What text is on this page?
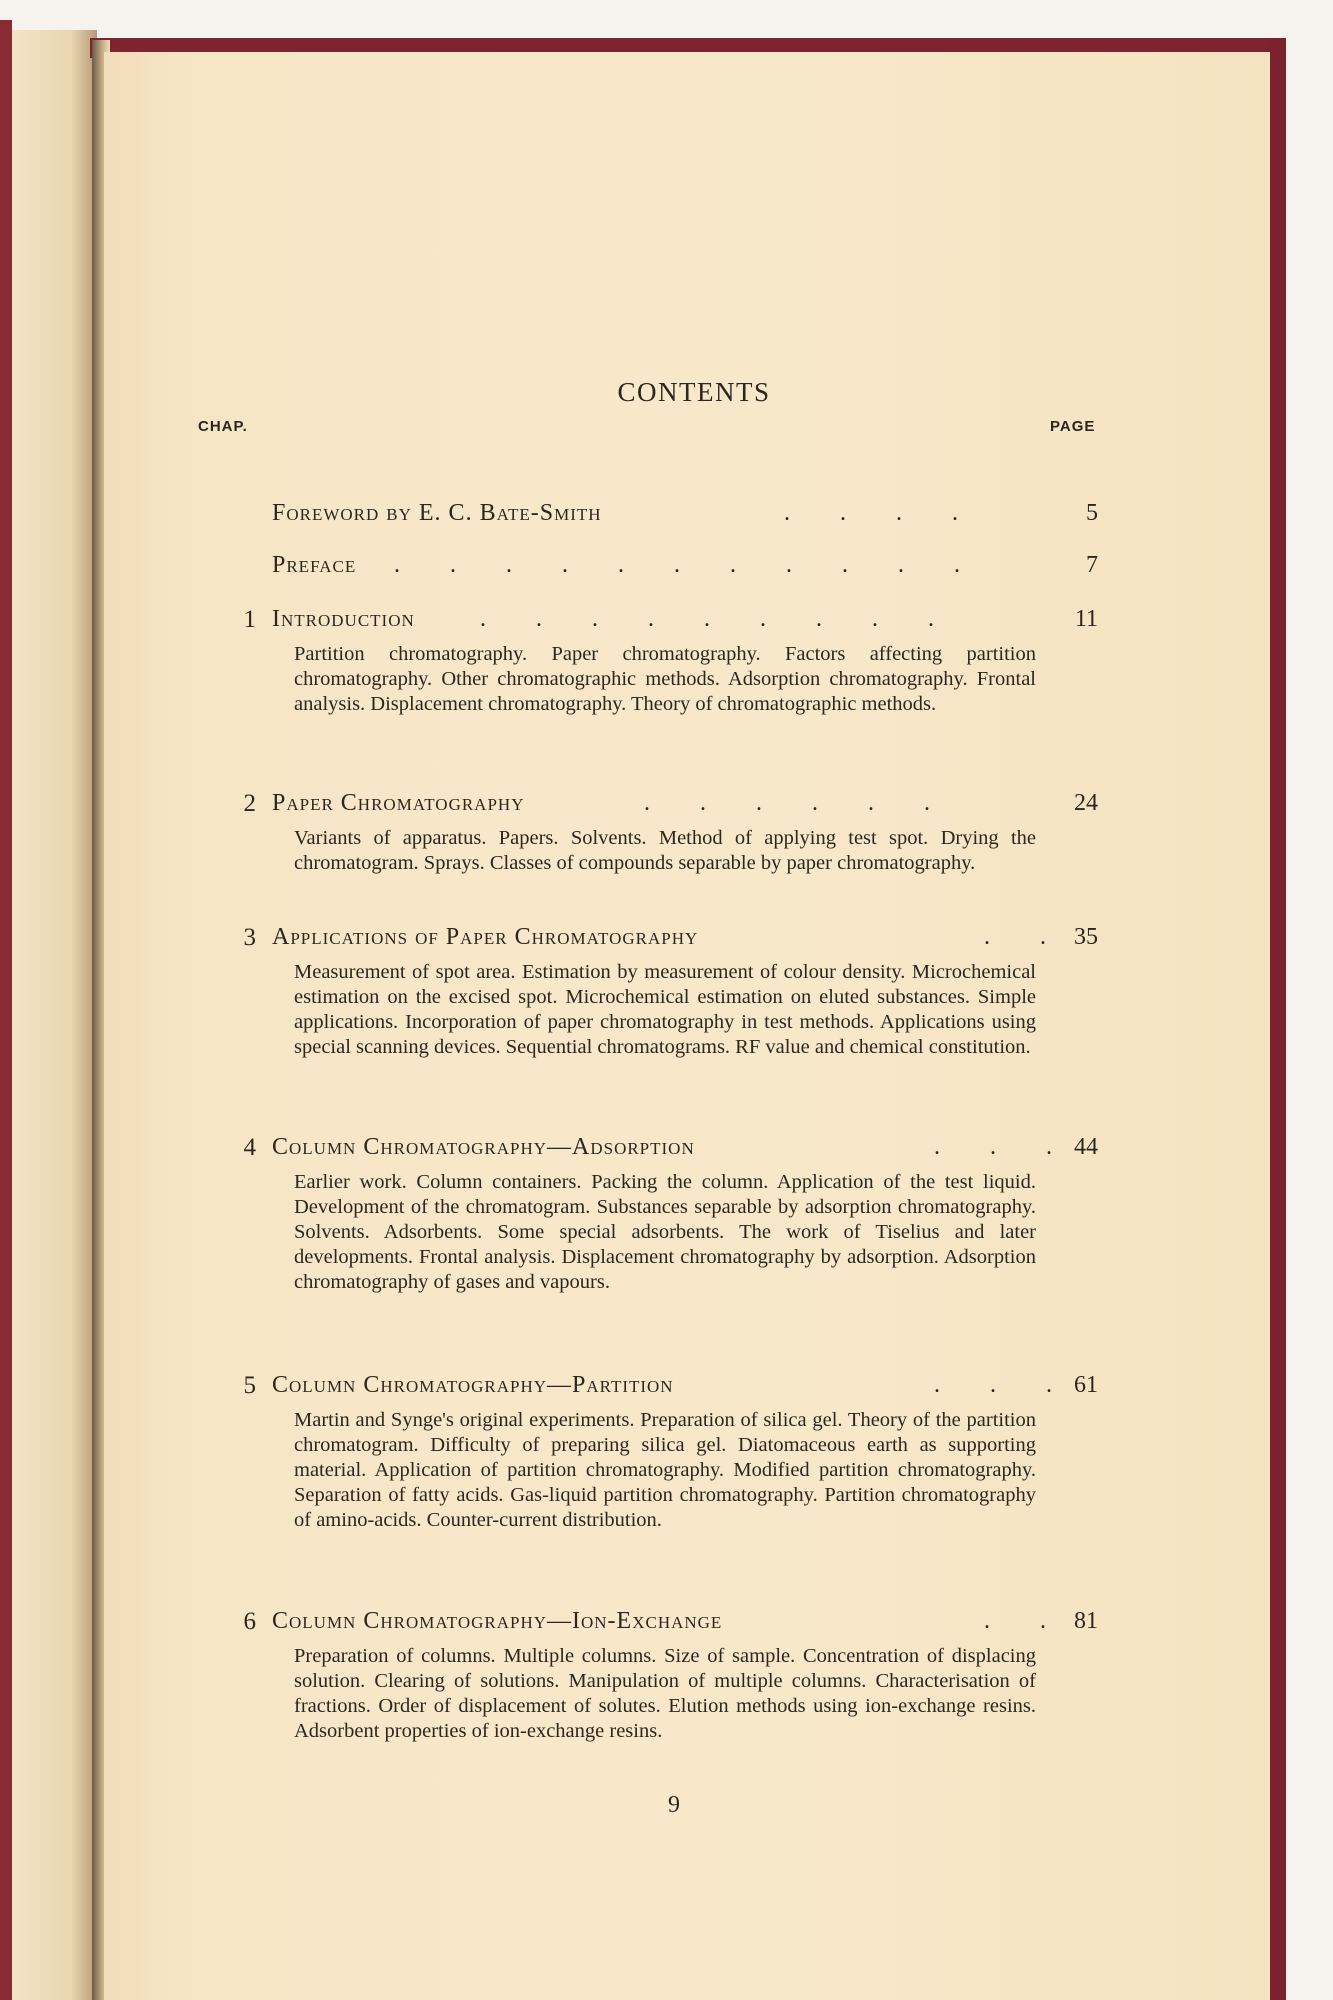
CONTENTS
CHAP.	PAGE
Foreword by E. C. Bate-Smith	. . . .	5
Preface . . . . . . . . . . .	7
1 Introduction	. . . . . . . . .	11
Partition chromatography. Paper chromatography. Factors affecting partition chromatography. Other chromatographic methods. Adsorption chromatography. Frontal analysis. Displacement chromatography. Theory of chromatographic methods.
2 Paper Chromatography	. . . . . .	24
Variants of apparatus. Papers. Solvents. Method of applying test spot. Drying the chromatogram. Sprays. Classes of compounds separable by paper chromatography.
3 Applications of Paper Chromatography	. . 35
Measurement of spot area. Estimation by measurement of colour density. Microchemical estimation on the excised spot. Microchemical estimation on eluted substances. Simple applications. Incorporation of paper chromatography in test methods. Applications using special scanning devices. Sequential chromatograms. RF value and chemical constitution.
4 Column Chromatography—Adsorption	. . . 44
Earlier work. Column containers. Packing the column. Application of the test liquid. Development of the chromatogram. Substances separable by adsorption chromatography. Solvents. Adsorbents. Some special adsorbents. The work of Tiselius and later developments. Frontal analysis. Displacement chromatography by adsorption. Adsorption chromatography of gases and vapours.
5 Column Chromatography—Partition	. . . 61
Martin and Synge's original experiments. Preparation of silica gel. Theory of the partition chromatogram. Difficulty of preparing silica gel. Diatomaceous earth as supporting material. Application of partition chromatography. Modified partition chromatography. Separation of fatty acids. Gas-liquid partition chromatography. Partition chromatography of amino-acids. Counter-current distribution.
6 Column Chromatography—Ion-Exchange	. . 81
Preparation of columns. Multiple columns. Size of sample. Concentration of displacing solution. Clearing of solutions. Manipulation of multiple columns. Characterisation of fractions. Order of displacement of solutes. Elution methods using ion-exchange resins. Adsorbent properties of ion-exchange resins.
9
